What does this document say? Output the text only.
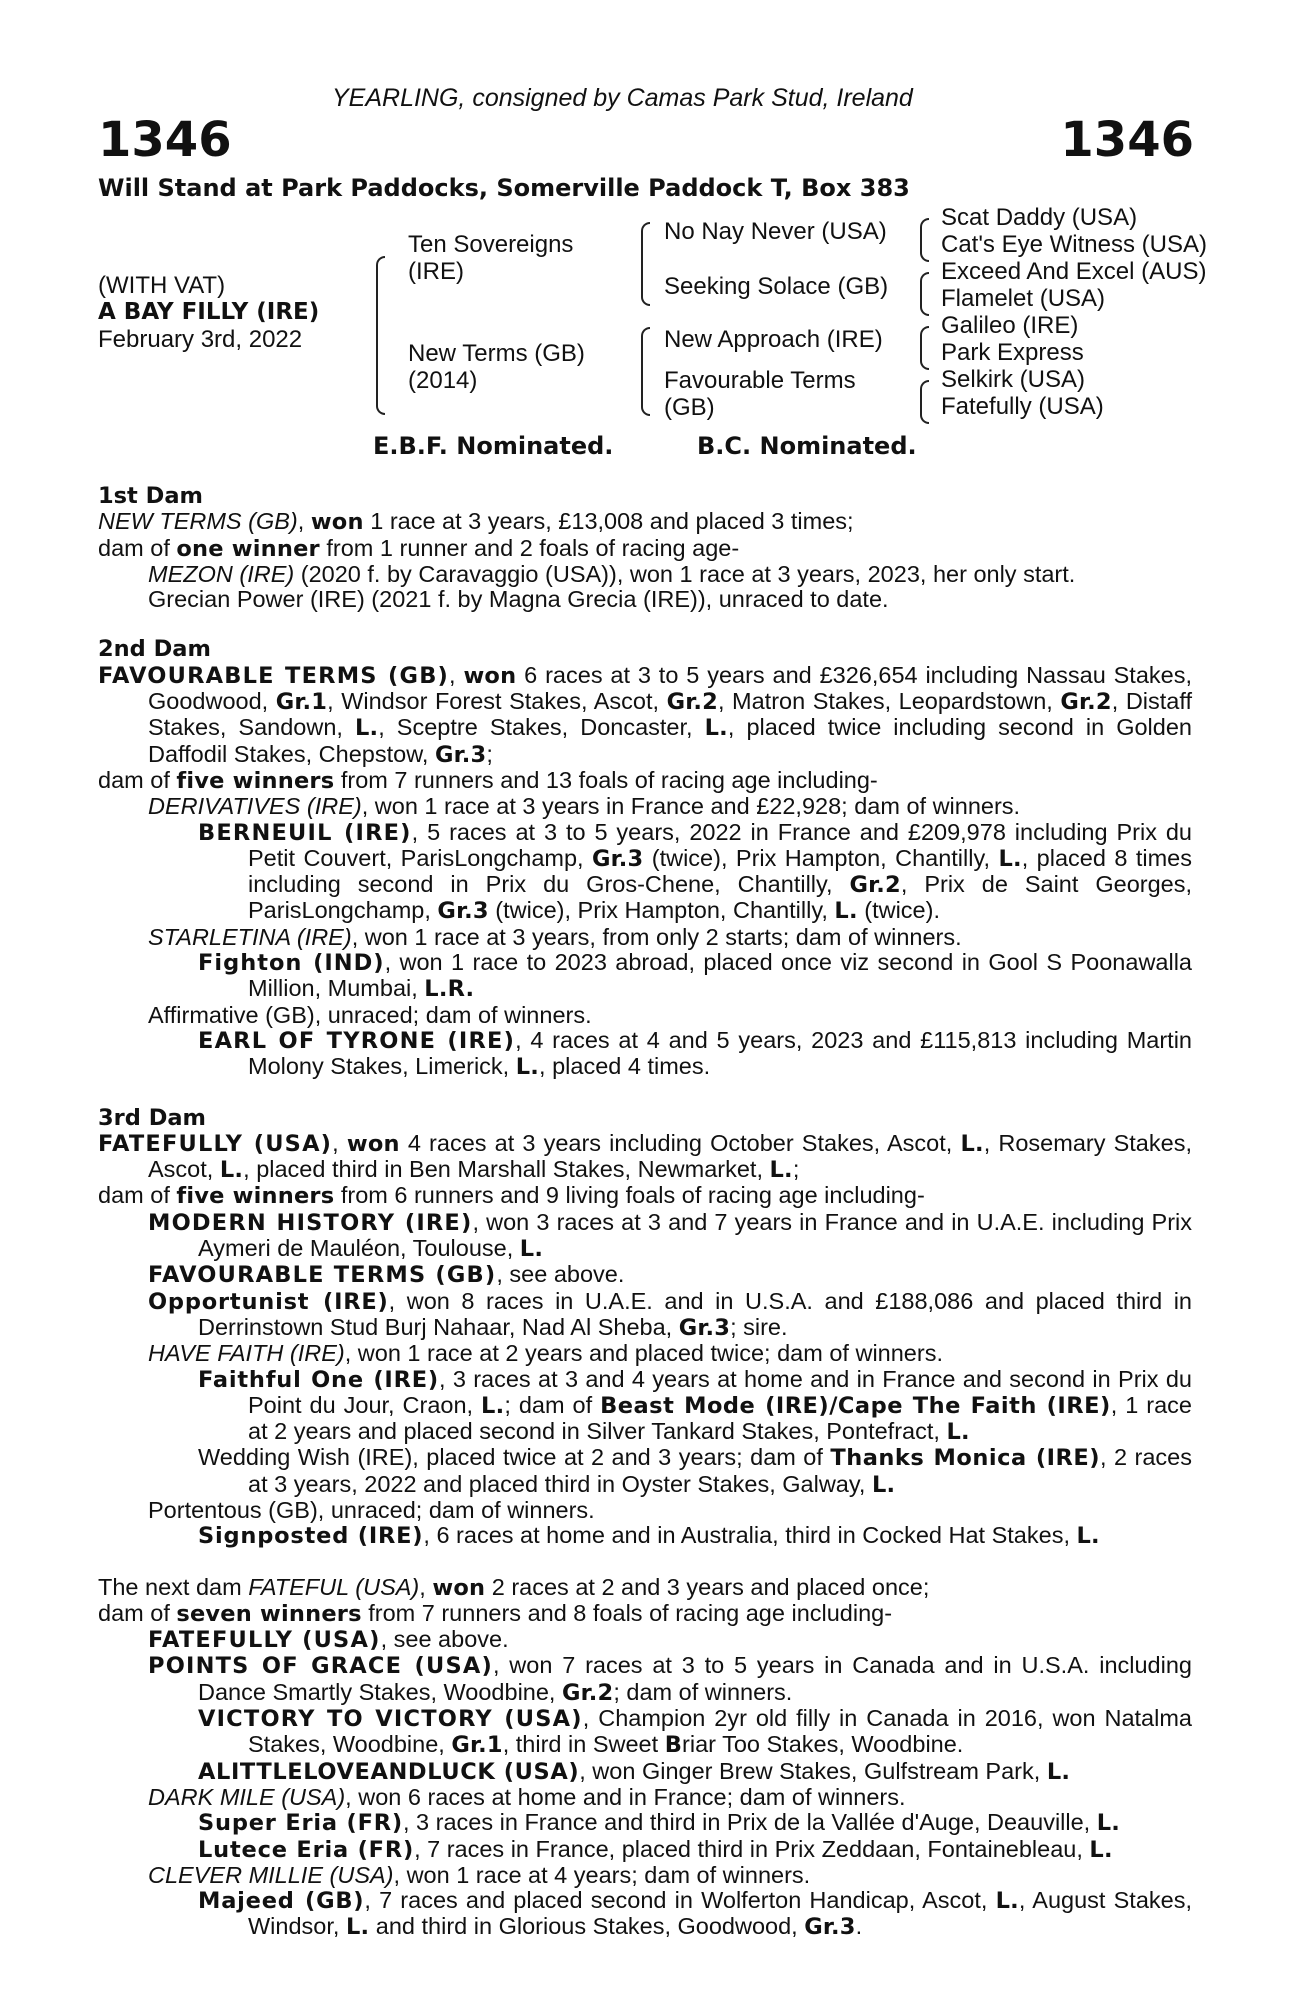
YEARLING, consigned by Camas Park Stud, Ireland
1346	1346
Will Stand at Park Paddocks, Somerville Paddock T, Box 383
(WITH VAT)
A BAY FILLY (IRE)
February 3rd, 2022
Ten Sovereigns
(IRE)
New Terms (GB)
(2014)
No Nay Never (USA)
Seeking Solace (GB)
New Approach (IRE)
Favourable Terms
(GB)
Scat Daddy (USA)
Cat's Eye Witness (USA)
Exceed And Excel (AUS)
Flamelet (USA)
Galileo (IRE)
Park Express
Selkirk (USA)
Fatefully (USA)
E.B.F. Nominated.	B.C. Nominated.
1st Dam
NEW TERMS (GB), won 1 race at 3 years, £13,008 and placed 3 times;
dam of one winner from 1 runner and 2 foals of racing age-
MEZON (IRE) (2020 f. by Caravaggio (USA)), won 1 race at 3 years, 2023, her only start.
Grecian Power (IRE) (2021 f. by Magna Grecia (IRE)), unraced to date.
2nd Dam
FAVOURABLE TERMS (GB), won 6 races at 3 to 5 years and £326,654 including Nassau Stakes, Goodwood, Gr.1, Windsor Forest Stakes, Ascot, Gr.2, Matron Stakes, Leopardstown, Gr.2, Distaff Stakes, Sandown, L., Sceptre Stakes, Doncaster, L., placed twice including second in Golden Daffodil Stakes, Chepstow, Gr.3;
dam of five winners from 7 runners and 13 foals of racing age including-
DERIVATIVES (IRE), won 1 race at 3 years in France and £22,928; dam of winners.
BERNEUIL (IRE), 5 races at 3 to 5 years, 2022 in France and £209,978 including Prix du Petit Couvert, ParisLongchamp, Gr.3 (twice), Prix Hampton, Chantilly, L., placed 8 times including second in Prix du Gros-Chene, Chantilly, Gr.2, Prix de Saint Georges, ParisLongchamp, Gr.3 (twice), Prix Hampton, Chantilly, L. (twice).
STARLETINA (IRE), won 1 race at 3 years, from only 2 starts; dam of winners.
Fighton (IND), won 1 race to 2023 abroad, placed once viz second in Gool S Poonawalla Million, Mumbai, L.R.
Affirmative (GB), unraced; dam of winners.
EARL OF TYRONE (IRE), 4 races at 4 and 5 years, 2023 and £115,813 including Martin Molony Stakes, Limerick, L., placed 4 times.
3rd Dam
FATEFULLY (USA), won 4 races at 3 years including October Stakes, Ascot, L., Rosemary Stakes, Ascot, L., placed third in Ben Marshall Stakes, Newmarket, L.;
dam of five winners from 6 runners and 9 living foals of racing age including-
MODERN HISTORY (IRE), won 3 races at 3 and 7 years in France and in U.A.E. including Prix Aymeri de Mauléon, Toulouse, L.
FAVOURABLE TERMS (GB), see above.
Opportunist (IRE), won 8 races in U.A.E. and in U.S.A. and £188,086 and placed third in Derrinstown Stud Burj Nahaar, Nad Al Sheba, Gr.3; sire.
HAVE FAITH (IRE), won 1 race at 2 years and placed twice; dam of winners.
Faithful One (IRE), 3 races at 3 and 4 years at home and in France and second in Prix du Point du Jour, Craon, L.; dam of Beast Mode (IRE)/Cape The Faith (IRE), 1 race at 2 years and placed second in Silver Tankard Stakes, Pontefract, L.
Wedding Wish (IRE), placed twice at 2 and 3 years; dam of Thanks Monica (IRE), 2 races at 3 years, 2022 and placed third in Oyster Stakes, Galway, L.
Portentous (GB), unraced; dam of winners.
Signposted (IRE), 6 races at home and in Australia, third in Cocked Hat Stakes, L.
The next dam FATEFUL (USA), won 2 races at 2 and 3 years and placed once;
dam of seven winners from 7 runners and 8 foals of racing age including-
FATEFULLY (USA), see above.
POINTS OF GRACE (USA), won 7 races at 3 to 5 years in Canada and in U.S.A. including Dance Smartly Stakes, Woodbine, Gr.2; dam of winners.
VICTORY TO VICTORY (USA), Champion 2yr old filly in Canada in 2016, won Natalma Stakes, Woodbine, Gr.1, third in Sweet Briar Too Stakes, Woodbine.
ALITTLELOVEANDLUCK (USA), won Ginger Brew Stakes, Gulfstream Park, L.
DARK MILE (USA), won 6 races at home and in France; dam of winners.
Super Eria (FR), 3 races in France and third in Prix de la Vallée d'Auge, Deauville, L.
Lutece Eria (FR), 7 races in France, placed third in Prix Zeddaan, Fontainebleau, L.
CLEVER MILLIE (USA), won 1 race at 4 years; dam of winners.
Majeed (GB), 7 races and placed second in Wolferton Handicap, Ascot, L., August Stakes, Windsor, L. and third in Glorious Stakes, Goodwood, Gr.3.
